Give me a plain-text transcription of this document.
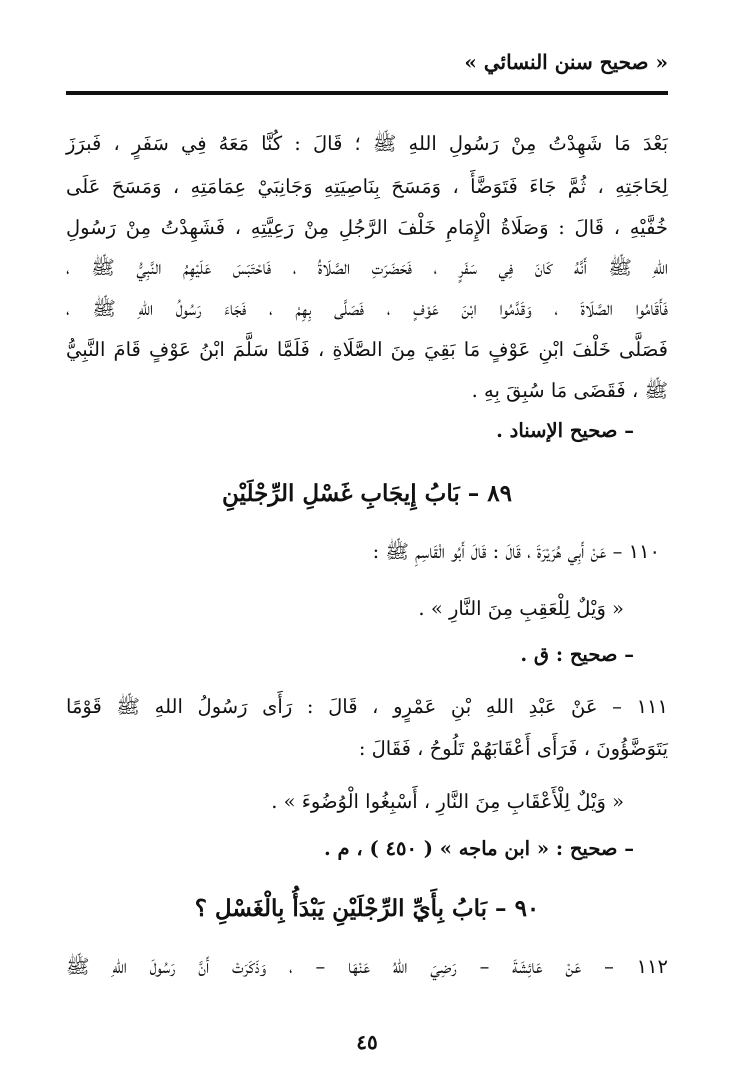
« صحيح سنن النسائي »
بَعْدَ مَا شَهِدْتُ مِنْ رَسُولِ اللهِ ﷺ ؛ قَالَ : كُنَّا مَعَهُ فِي سَفَرٍ ، فَبرَزَ
لِحَاجَتِهِ ، ثُمَّ جَاءَ فَتَوَضَّأَ ، وَمَسَحَ بِنَاصِيَتِهِ وَجَانِبَيْ عِمَامَتِهِ ، وَمَسَحَ عَلَى
خُفَّيْهِ ، قَالَ : وَصَلَاةُ الْإِمَامِ خَلْفَ الرَّجُلِ مِنْ رَعِيَّتِهِ ، فَشَهِدْتُ مِنْ رَسُولِ
اللهِ ﷺ أَنَّهُ كَانَ فِي سَفَرٍ ، فَحَضَرَتِ الصَّلَاةُ ، فَاحْتَبَسَ عَلَيْهِمُ النَّبِيُّ ﷺ ،
فَأَقَامُوا الصَّلَاةَ ، وَقَدَّمُوا ابْنَ عَوْفٍ ، فَصَلَّى بِهِمْ ، فَجَاءَ رَسُولُ اللهِ ﷺ ،
فَصَلَّى خَلْفَ ابْنِ عَوْفٍ مَا بَقِيَ مِنَ الصَّلَاةِ ، فَلَمَّا سَلَّمَ ابْنُ عَوْفٍ قَامَ النَّبِيُّ
ﷺ ، فَقَضَى مَا سُبِقَ بِهِ .
– صحيح الإسناد .
٨٩ – بَابُ إِيجَابِ غَسْلِ الرِّجْلَيْنِ
١١٠ – عَنْ أَبِي هُرَيْرَةَ ، قَالَ : قَالَ أَبُو الْقَاسِمِ ﷺ :
« وَيْلٌ لِلْعَقِبِ مِنَ النَّارِ » .
– صحيح : ق .
١١١ – عَنْ عَبْدِ اللهِ بْنِ عَمْرٍو ، قَالَ : رَأَى رَسُولُ اللهِ ﷺ قَوْمًا
يَتَوَضَّؤُونَ ، فَرَأَى أَعْقَابَهُمْ تَلُوحُ ، فَقَالَ :
« وَيْلٌ لِلْأَعْقَابِ مِنَ النَّارِ ، أَسْبِغُوا الْوُضُوءَ » .
– صحيح : « ابن ماجه » ( ٤٥٠ ) ، م .
٩٠ – بَابُ بِأَيِّ الرِّجْلَيْنِ يَبْدَأُ بِالْغَسْلِ ؟
١١٢ – عَنْ عَائِشَةَ – رَضِيَ اللهُ عَنْهَا – ، وَذَكَرَتْ أَنَّ رَسُولَ اللهِ ﷺ
٤٥
